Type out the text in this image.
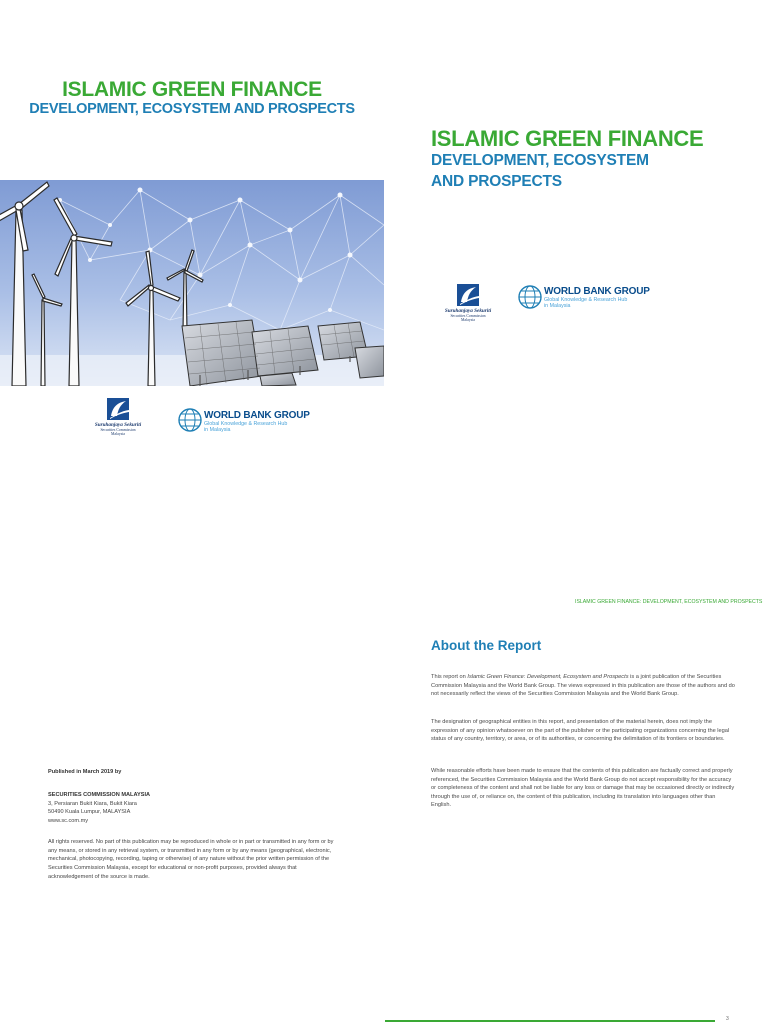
ISLAMIC GREEN FINANCE
DEVELOPMENT, ECOSYSTEM AND PROSPECTS
Suruhanjaya Sekuriti
Securities Commission
Malaysia
WORLD BANK GROUP
Global Knowledge & Research Hub
in Malaysia
ISLAMIC GREEN FINANCE
DEVELOPMENT, ECOSYSTEM
AND PROSPECTS
Suruhanjaya Sekuriti
Securities Commission
Malaysia
WORLD BANK GROUP
Global Knowledge & Research Hub
in Malaysia
ISLAMIC GREEN FINANCE: DEVELOPMENT, ECOSYSTEM AND PROSPECTS
About the Report

This report on Islamic Green Finance: Development, Ecosystem and Prospects is a joint publication of the Securities Commission Malaysia and the World Bank Group. The views expressed in this publication are those of the authors and do not necessarily reflect the views of the Securities Commission Malaysia and the World Bank Group.

The designation of geographical entities in this report, and presentation of the material herein, does not imply the expression of any opinion whatsoever on the part of the publisher or the participating organizations concerning the legal status of any country, territory, or area, or of its authorities, or concerning the delimitation of its frontiers or boundaries.

While reasonable efforts have been made to ensure that the contents of this publication are factually correct and properly referenced, the Securities Commission Malaysia and the World Bank Group do not accept responsibility for the accuracy or completeness of the content and shall not be liable for any loss or damage that may be occasioned directly or indirectly through the use of, or reliance on, the content of this publication, including its translation into languages other than English.

Published in March 2019 by
SECURITIES COMMISSION MALAYSIA
3, Persiaran Bukit Kiara, Bukit Kiara
50490 Kuala Lumpur, MALAYSIA
www.sc.com.my
All rights reserved. No part of this publication may be reproduced in whole or in part or transmitted in any form or by any means, or stored in any retrieval system, or transmitted in any form or by any means (geographical, electronic, mechanical, photocopying, recording, taping or otherwise) of any nature without the prior written permission of the Securities Commission Malaysia, except for educational or non-profit purposes, provided always that acknowledgement of the source is made.
3
